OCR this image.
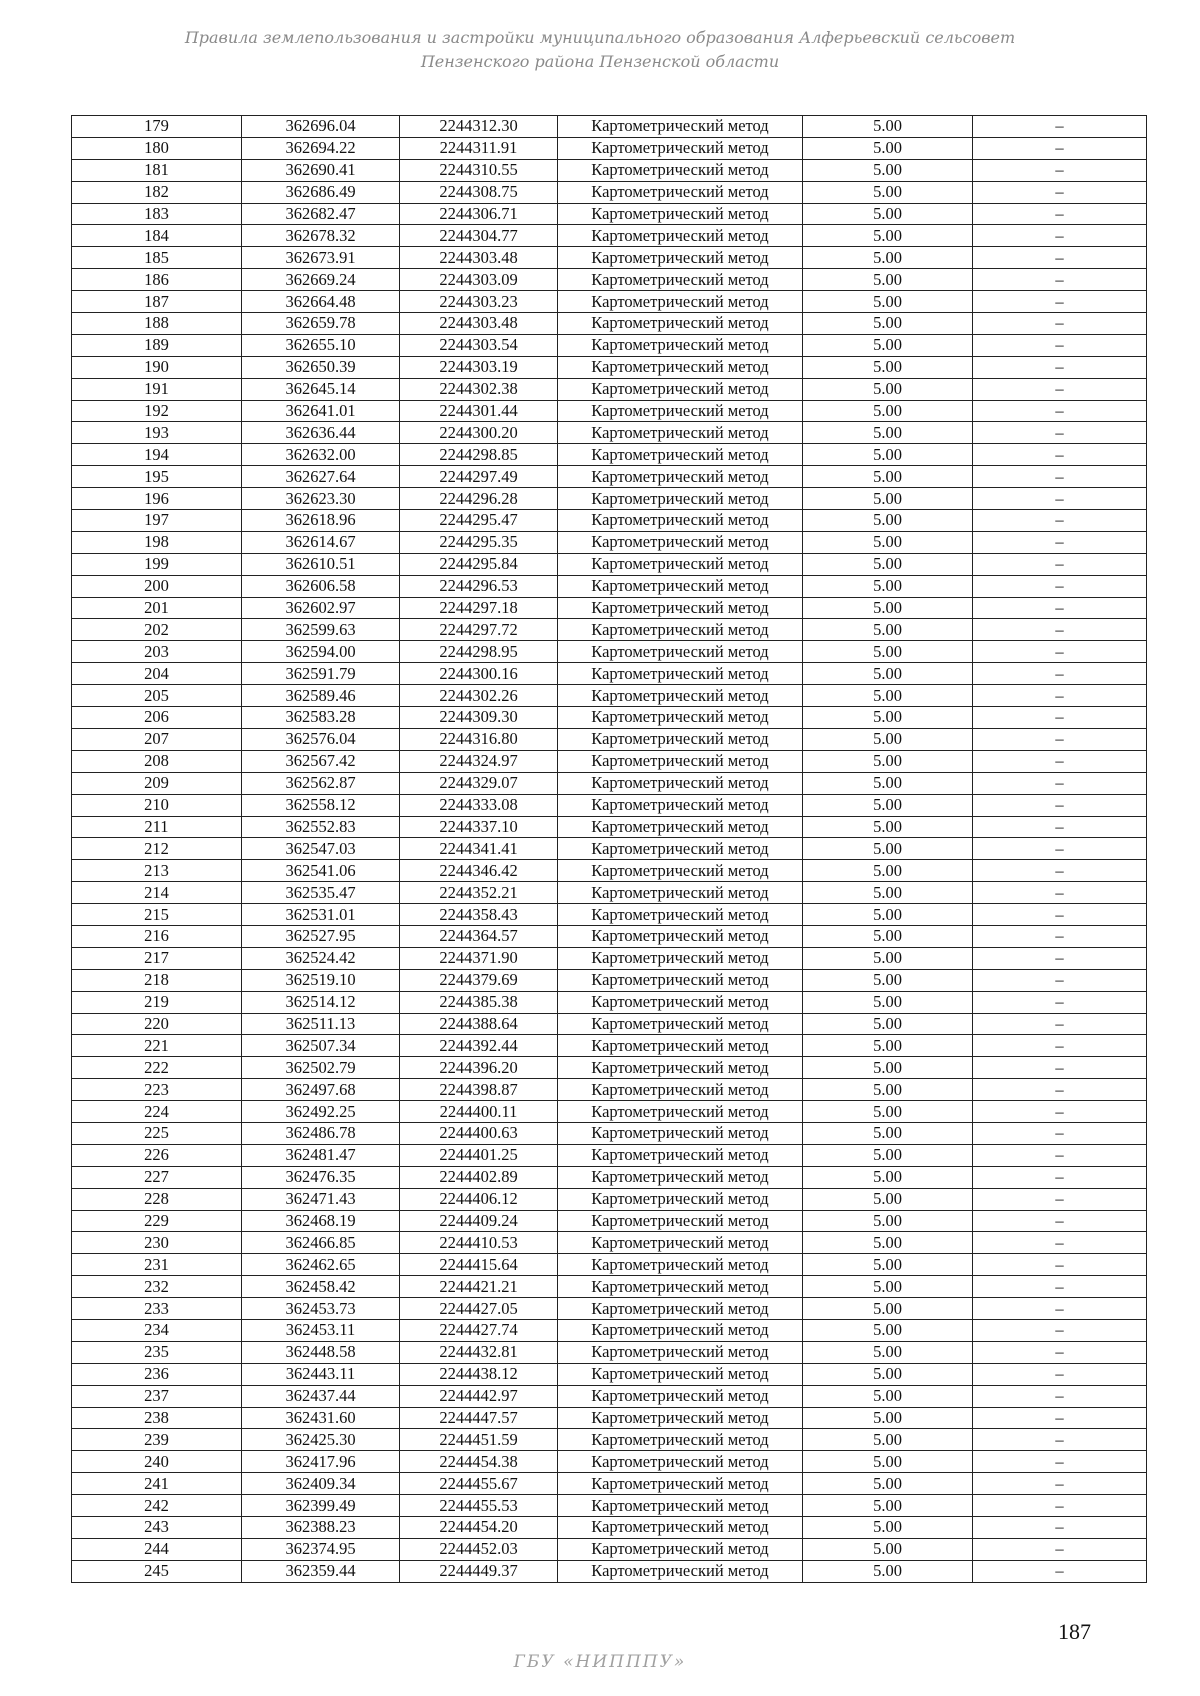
Правила землепользования и застройки муниципального образования Алферьевский сельсовет
Пензенского района Пензенской области
179	362696.04	2244312.30	Картометрический метод	5.00	–
180	362694.22	2244311.91	Картометрический метод	5.00	–
181	362690.41	2244310.55	Картометрический метод	5.00	–
182	362686.49	2244308.75	Картометрический метод	5.00	–
183	362682.47	2244306.71	Картометрический метод	5.00	–
184	362678.32	2244304.77	Картометрический метод	5.00	–
185	362673.91	2244303.48	Картометрический метод	5.00	–
186	362669.24	2244303.09	Картометрический метод	5.00	–
187	362664.48	2244303.23	Картометрический метод	5.00	–
188	362659.78	2244303.48	Картометрический метод	5.00	–
189	362655.10	2244303.54	Картометрический метод	5.00	–
190	362650.39	2244303.19	Картометрический метод	5.00	–
191	362645.14	2244302.38	Картометрический метод	5.00	–
192	362641.01	2244301.44	Картометрический метод	5.00	–
193	362636.44	2244300.20	Картометрический метод	5.00	–
194	362632.00	2244298.85	Картометрический метод	5.00	–
195	362627.64	2244297.49	Картометрический метод	5.00	–
196	362623.30	2244296.28	Картометрический метод	5.00	–
197	362618.96	2244295.47	Картометрический метод	5.00	–
198	362614.67	2244295.35	Картометрический метод	5.00	–
199	362610.51	2244295.84	Картометрический метод	5.00	–
200	362606.58	2244296.53	Картометрический метод	5.00	–
201	362602.97	2244297.18	Картометрический метод	5.00	–
202	362599.63	2244297.72	Картометрический метод	5.00	–
203	362594.00	2244298.95	Картометрический метод	5.00	–
204	362591.79	2244300.16	Картометрический метод	5.00	–
205	362589.46	2244302.26	Картометрический метод	5.00	–
206	362583.28	2244309.30	Картометрический метод	5.00	–
207	362576.04	2244316.80	Картометрический метод	5.00	–
208	362567.42	2244324.97	Картометрический метод	5.00	–
209	362562.87	2244329.07	Картометрический метод	5.00	–
210	362558.12	2244333.08	Картометрический метод	5.00	–
211	362552.83	2244337.10	Картометрический метод	5.00	–
212	362547.03	2244341.41	Картометрический метод	5.00	–
213	362541.06	2244346.42	Картометрический метод	5.00	–
214	362535.47	2244352.21	Картометрический метод	5.00	–
215	362531.01	2244358.43	Картометрический метод	5.00	–
216	362527.95	2244364.57	Картометрический метод	5.00	–
217	362524.42	2244371.90	Картометрический метод	5.00	–
218	362519.10	2244379.69	Картометрический метод	5.00	–
219	362514.12	2244385.38	Картометрический метод	5.00	–
220	362511.13	2244388.64	Картометрический метод	5.00	–
221	362507.34	2244392.44	Картометрический метод	5.00	–
222	362502.79	2244396.20	Картометрический метод	5.00	–
223	362497.68	2244398.87	Картометрический метод	5.00	–
224	362492.25	2244400.11	Картометрический метод	5.00	–
225	362486.78	2244400.63	Картометрический метод	5.00	–
226	362481.47	2244401.25	Картометрический метод	5.00	–
227	362476.35	2244402.89	Картометрический метод	5.00	–
228	362471.43	2244406.12	Картометрический метод	5.00	–
229	362468.19	2244409.24	Картометрический метод	5.00	–
230	362466.85	2244410.53	Картометрический метод	5.00	–
231	362462.65	2244415.64	Картометрический метод	5.00	–
232	362458.42	2244421.21	Картометрический метод	5.00	–
233	362453.73	2244427.05	Картометрический метод	5.00	–
234	362453.11	2244427.74	Картометрический метод	5.00	–
235	362448.58	2244432.81	Картометрический метод	5.00	–
236	362443.11	2244438.12	Картометрический метод	5.00	–
237	362437.44	2244442.97	Картометрический метод	5.00	–
238	362431.60	2244447.57	Картометрический метод	5.00	–
239	362425.30	2244451.59	Картометрический метод	5.00	–
240	362417.96	2244454.38	Картометрический метод	5.00	–
241	362409.34	2244455.67	Картометрический метод	5.00	–
242	362399.49	2244455.53	Картометрический метод	5.00	–
243	362388.23	2244454.20	Картометрический метод	5.00	–
244	362374.95	2244452.03	Картометрический метод	5.00	–
245	362359.44	2244449.37	Картометрический метод	5.00	–
187
ГБУ «НИПППУ»
